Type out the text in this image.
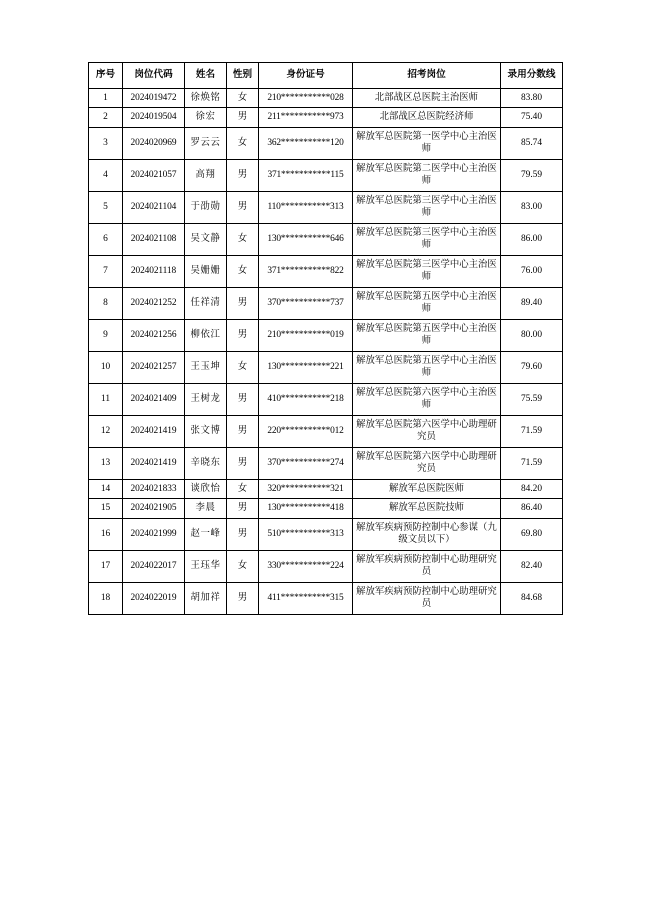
序号	岗位代码	姓名	性别	身份证号	招考岗位	录用分数线
1	2024019472	徐焕铭	女	210***********028	北部战区总医院主治医师	83.80
2	2024019504	徐宏	男	211***********973	北部战区总医院经济师	75.40
3	2024020969	罗云云	女	362***********120	解放军总医院第一医学中心主治医师	85.74
4	2024021057	高翔	男	371***********115	解放军总医院第二医学中心主治医师	79.59
5	2024021104	于劭勋	男	110***********313	解放军总医院第三医学中心主治医师	83.00
6	2024021108	吴文静	女	130***********646	解放军总医院第三医学中心主治医师	86.00
7	2024021118	吴姗姗	女	371***********822	解放军总医院第三医学中心主治医师	76.00
8	2024021252	任祥清	男	370***********737	解放军总医院第五医学中心主治医师	89.40
9	2024021256	柳依江	男	210***********019	解放军总医院第五医学中心主治医师	80.00
10	2024021257	王玉坤	女	130***********221	解放军总医院第五医学中心主治医师	79.60
11	2024021409	王树龙	男	410***********218	解放军总医院第六医学中心主治医师	75.59
12	2024021419	张文博	男	220***********012	解放军总医院第六医学中心助理研究员	71.59
13	2024021419	辛晓东	男	370***********274	解放军总医院第六医学中心助理研究员	71.59
14	2024021833	谈欣怡	女	320***********321	解放军总医院医师	84.20
15	2024021905	李晨	男	130***********418	解放军总医院技师	86.40
16	2024021999	赵一峰	男	510***********313	解放军疾病预防控制中心参谋（九级文员以下）	69.80
17	2024022017	王珏华	女	330***********224	解放军疾病预防控制中心助理研究员	82.40
18	2024022019	胡加祥	男	411***********315	解放军疾病预防控制中心助理研究员	84.68
